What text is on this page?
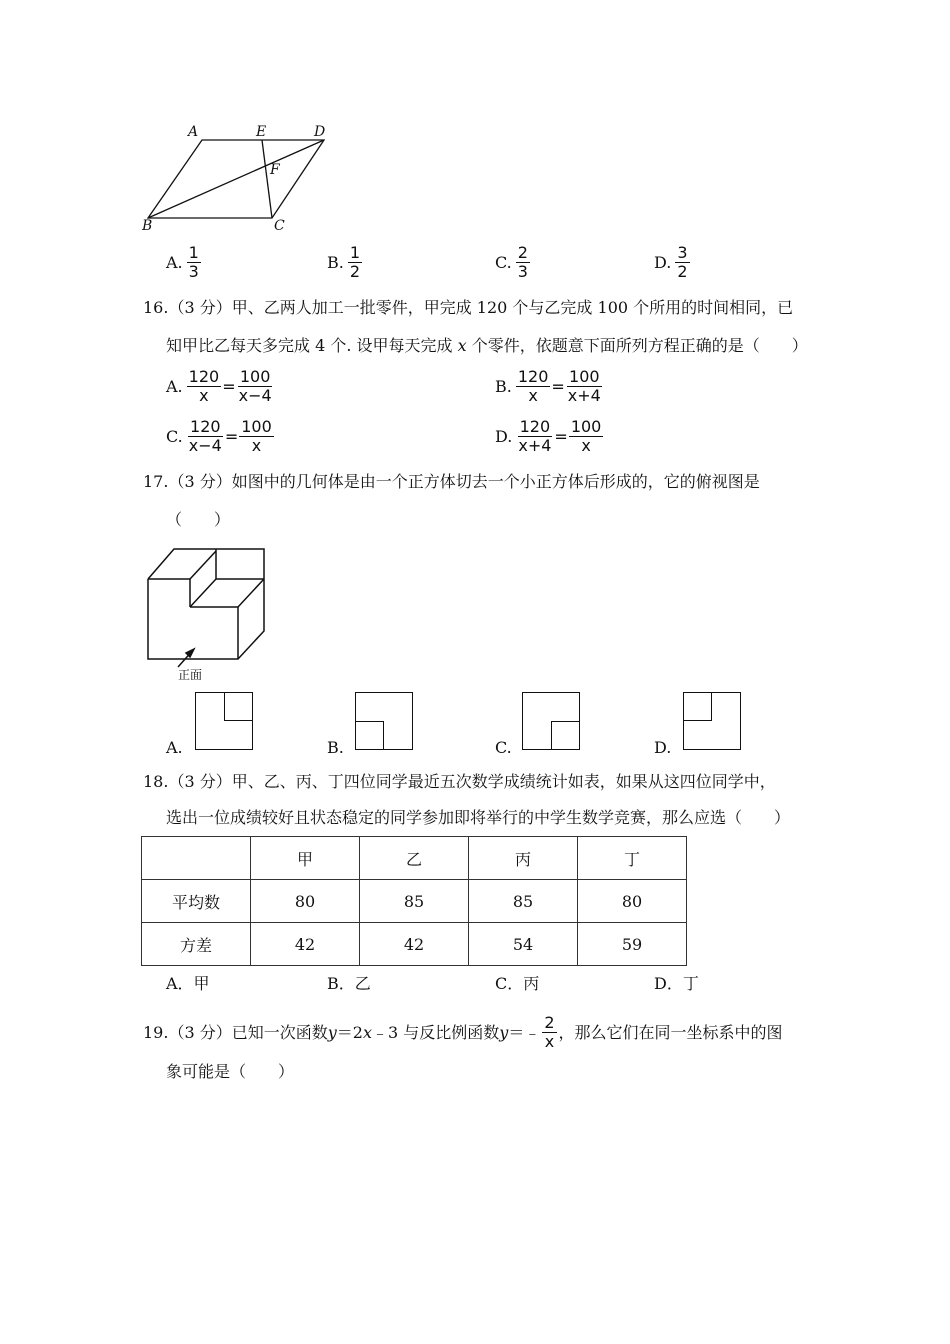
A	E	D
F
B	C
A. $\frac{1}{3}$	B. $\frac{1}{2}$	C. $\frac{2}{3}$	D. $\frac{3}{2}$
16.（3 分）甲、乙两人加工一批零件，甲完成 120 个与乙完成 100 个所用的时间相同，已
知甲比乙每天多完成 4 个. 设甲每天完成 x 个零件，依题意下面所列方程正确的是（　　）
A. $\frac{120}{x} = \frac{100}{x-4}$	B. $\frac{120}{x} = \frac{100}{x+4}$
C. $\frac{120}{x-4} = \frac{100}{x}$	D. $\frac{120}{x+4} = \frac{100}{x}$
17.（3 分）如图中的几何体是由一个正方体切去一个小正方体后形成的，它的俯视图是
（　　）
正面
A.	B.	C.	D.
18.（3 分）甲、乙、丙、丁四位同学最近五次数学成绩统计如表，如果从这四位同学中，
选出一位成绩较好且状态稳定的同学参加即将举行的中学生数学竞赛，那么应选（　　）
	甲	乙	丙	丁
平均数	80	85	85	80
方差	42	42	54	59
A．甲	B．乙	C．丙	D．丁
19.（3 分）已知一次函数 y ＝2 x ﹣3 与反比例函数 y ＝﹣ $\frac{2}{x}$ ，那么它们在同一坐标系中的图
象可能是（　　）
